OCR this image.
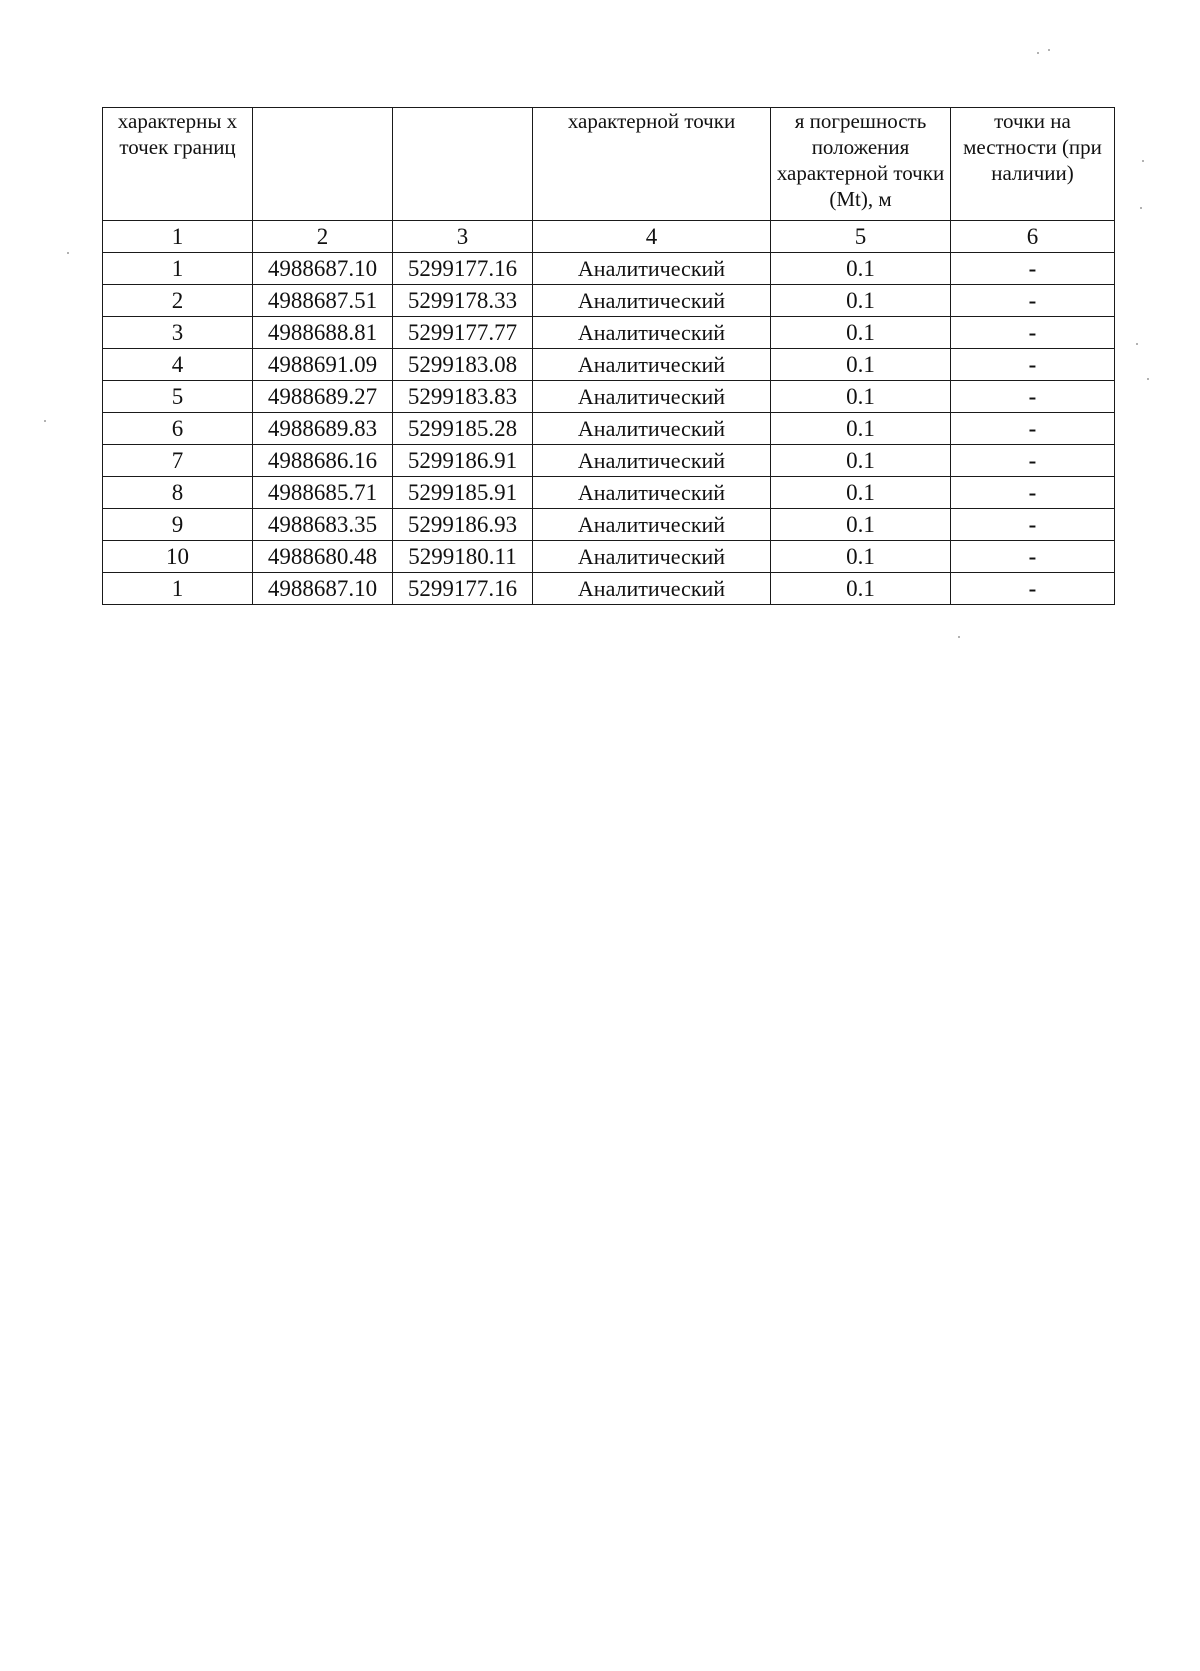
характерны х точек границ			характерной точки	я погрешность положения характерной точки (Mt), м	точки на местности (при наличии)
1	2	3	4	5	6
1	4988687.10	5299177.16	Аналитический	0.1	-
2	4988687.51	5299178.33	Аналитический	0.1	-
3	4988688.81	5299177.77	Аналитический	0.1	-
4	4988691.09	5299183.08	Аналитический	0.1	-
5	4988689.27	5299183.83	Аналитический	0.1	-
6	4988689.83	5299185.28	Аналитический	0.1	-
7	4988686.16	5299186.91	Аналитический	0.1	-
8	4988685.71	5299185.91	Аналитический	0.1	-
9	4988683.35	5299186.93	Аналитический	0.1	-
10	4988680.48	5299180.11	Аналитический	0.1	-
1	4988687.10	5299177.16	Аналитический	0.1	-
